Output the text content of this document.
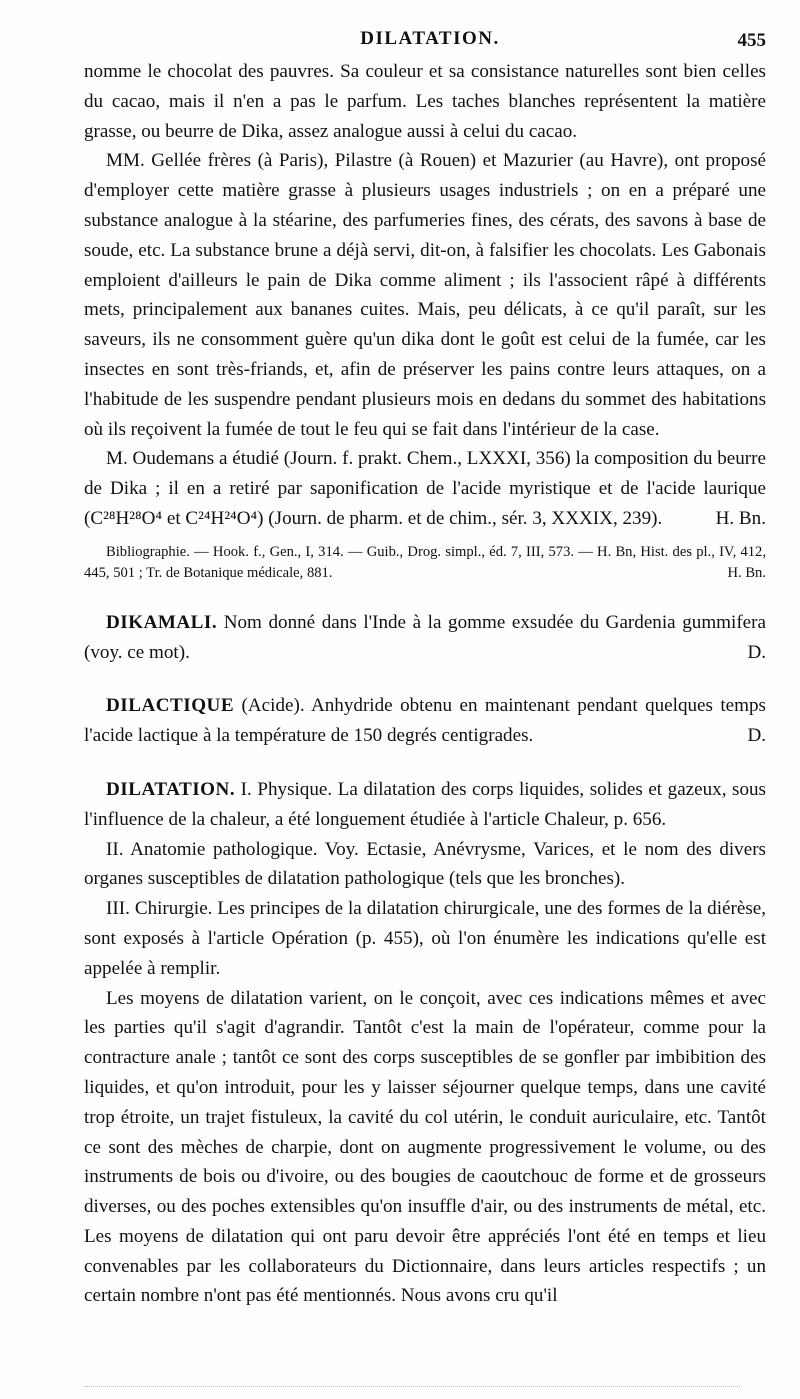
DILATATION.	455

nomme le chocolat des pauvres. Sa couleur et sa consistance naturelles sont bien celles du cacao, mais il n'en a pas le parfum. Les taches blanches représentent la matière grasse, ou beurre de Dika, assez analogue aussi à celui du cacao.

MM. Gellée frères (à Paris), Pilastre (à Rouen) et Mazurier (au Havre), ont proposé d'employer cette matière grasse à plusieurs usages industriels ; on en a préparé une substance analogue à la stéarine, des parfumeries fines, des cérats, des savons à base de soude, etc. La substance brune a déjà servi, dit-on, à falsifier les chocolats. Les Gabonais emploient d'ailleurs le pain de Dika comme aliment ; ils l'associent râpé à différents mets, principalement aux bananes cuites. Mais, peu délicats, à ce qu'il paraît, sur les saveurs, ils ne consomment guère qu'un dika dont le goût est celui de la fumée, car les insectes en sont très-friands, et, afin de préserver les pains contre leurs attaques, on a l'habitude de les suspendre pendant plusieurs mois en dedans du sommet des habitations où ils reçoivent la fumée de tout le feu qui se fait dans l'intérieur de la case.

M. Oudemans a étudié (Journ. f. prakt. Chem., LXXXI, 356) la composition du beurre de Dika ; il en a retiré par saponification de l'acide myristique et de l'acide laurique (C²⁸H²⁸O⁴ et C²⁴H²⁴O⁴) (Journ. de pharm. et de chim., sér. 3, XXXIX, 239).	H. Bn.

Bibliographie. — Hook. f., Gen., I, 314. — Guib., Drog. simpl., éd. 7, III, 573. — H. Bn, Hist. des pl., IV, 412, 445, 501 ; Tr. de Botanique médicale, 881.	H. Bn.

DIKAMALI. Nom donné dans l'Inde à la gomme exsudée du Gardenia gummifera (voy. ce mot).	D.

DILACTIQUE (Acide). Anhydride obtenu en maintenant pendant quelques temps l'acide lactique à la température de 150 degrés centigrades.	D.

DILATATION. I. Physique. La dilatation des corps liquides, solides et gazeux, sous l'influence de la chaleur, a été longuement étudiée à l'article Chaleur, p. 656.

II. Anatomie pathologique. Voy. Ectasie, Anévrysme, Varices, et le nom des divers organes susceptibles de dilatation pathologique (tels que les bronches).

III. Chirurgie. Les principes de la dilatation chirurgicale, une des formes de la diérèse, sont exposés à l'article Opération (p. 455), où l'on énumère les indications qu'elle est appelée à remplir.

Les moyens de dilatation varient, on le conçoit, avec ces indications mêmes et avec les parties qu'il s'agit d'agrandir. Tantôt c'est la main de l'opérateur, comme pour la contracture anale ; tantôt ce sont des corps susceptibles de se gonfler par imbibition des liquides, et qu'on introduit, pour les y laisser séjourner quelque temps, dans une cavité trop étroite, un trajet fistuleux, la cavité du col utérin, le conduit auriculaire, etc. Tantôt ce sont des mèches de charpie, dont on augmente progressivement le volume, ou des instruments de bois ou d'ivoire, ou des bougies de caoutchouc de forme et de grosseurs diverses, ou des poches extensibles qu'on insuffle d'air, ou des instruments de métal, etc. Les moyens de dilatation qui ont paru devoir être appréciés l'ont été en temps et lieu convenables par les collaborateurs du Dictionnaire, dans leurs articles respectifs ; un certain nombre n'ont pas été mentionnés. Nous avons cru qu'il
